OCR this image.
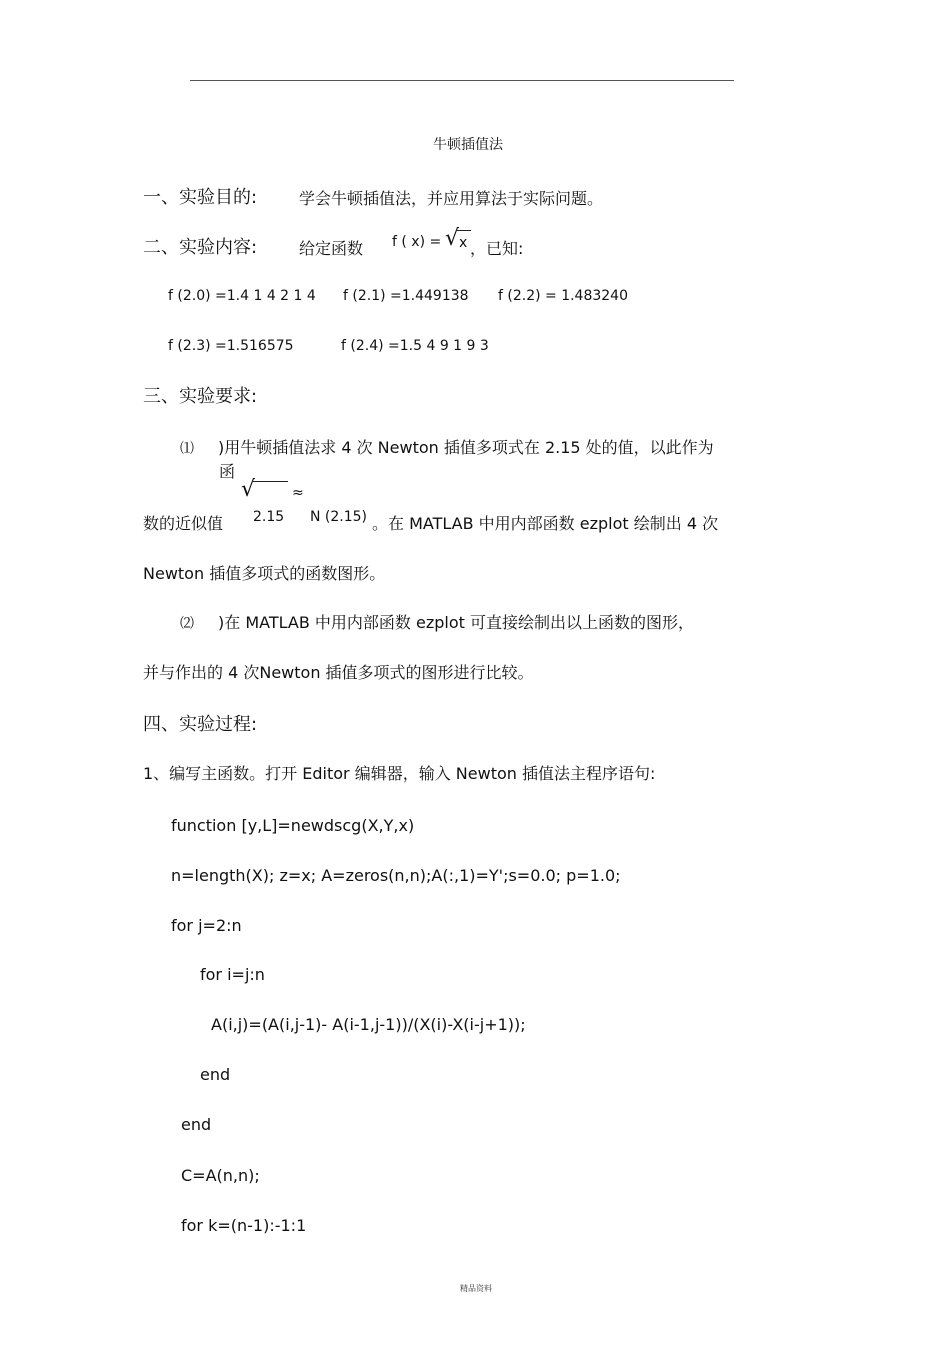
牛顿插值法
一、实验目的:	学会牛顿插值法，并应用算法于实际问题。
二、实验内容:	给定函数 f ( x) = √ x ，已知:
f (2.0) =1.4 1 4 2 1 4 f (2.1) =1.449138 f (2.2) = 1.483240
f (2.3) =1.516575	f (2.4) =1.5 4 9 1 9 3
三、实验要求:
⑴ )用牛顿插值法求 4 次 Newton 插值多项式在 2.15 处的值，以此作为
函
√	≈
2.15 N (2.15)
数的近似值	。在 MATLAB 中用内部函数 ezplot 绘制出 4 次
Newton 插值多项式的函数图形。
⑵ )在 MATLAB 中用内部函数 ezplot 可直接绘制出以上函数的图形，
并与作出的 4 次Newton 插值多项式的图形进行比较。
四、实验过程:
1、编写主函数。打开 Editor 编辑器，输入 Newton 插值法主程序语句:
function [y,L]=newdscg(X,Y,x)
n=length(X); z=x; A=zeros(n,n);A(:,1)=Y';s=0.0; p=1.0;
for j=2:n
for i=j:n
A(i,j)=(A(i,j-1)- A(i-1,j-1))/(X(i)-X(i-j+1));
end
end
C=A(n,n);
for k=(n-1):-1:1
精品资料
